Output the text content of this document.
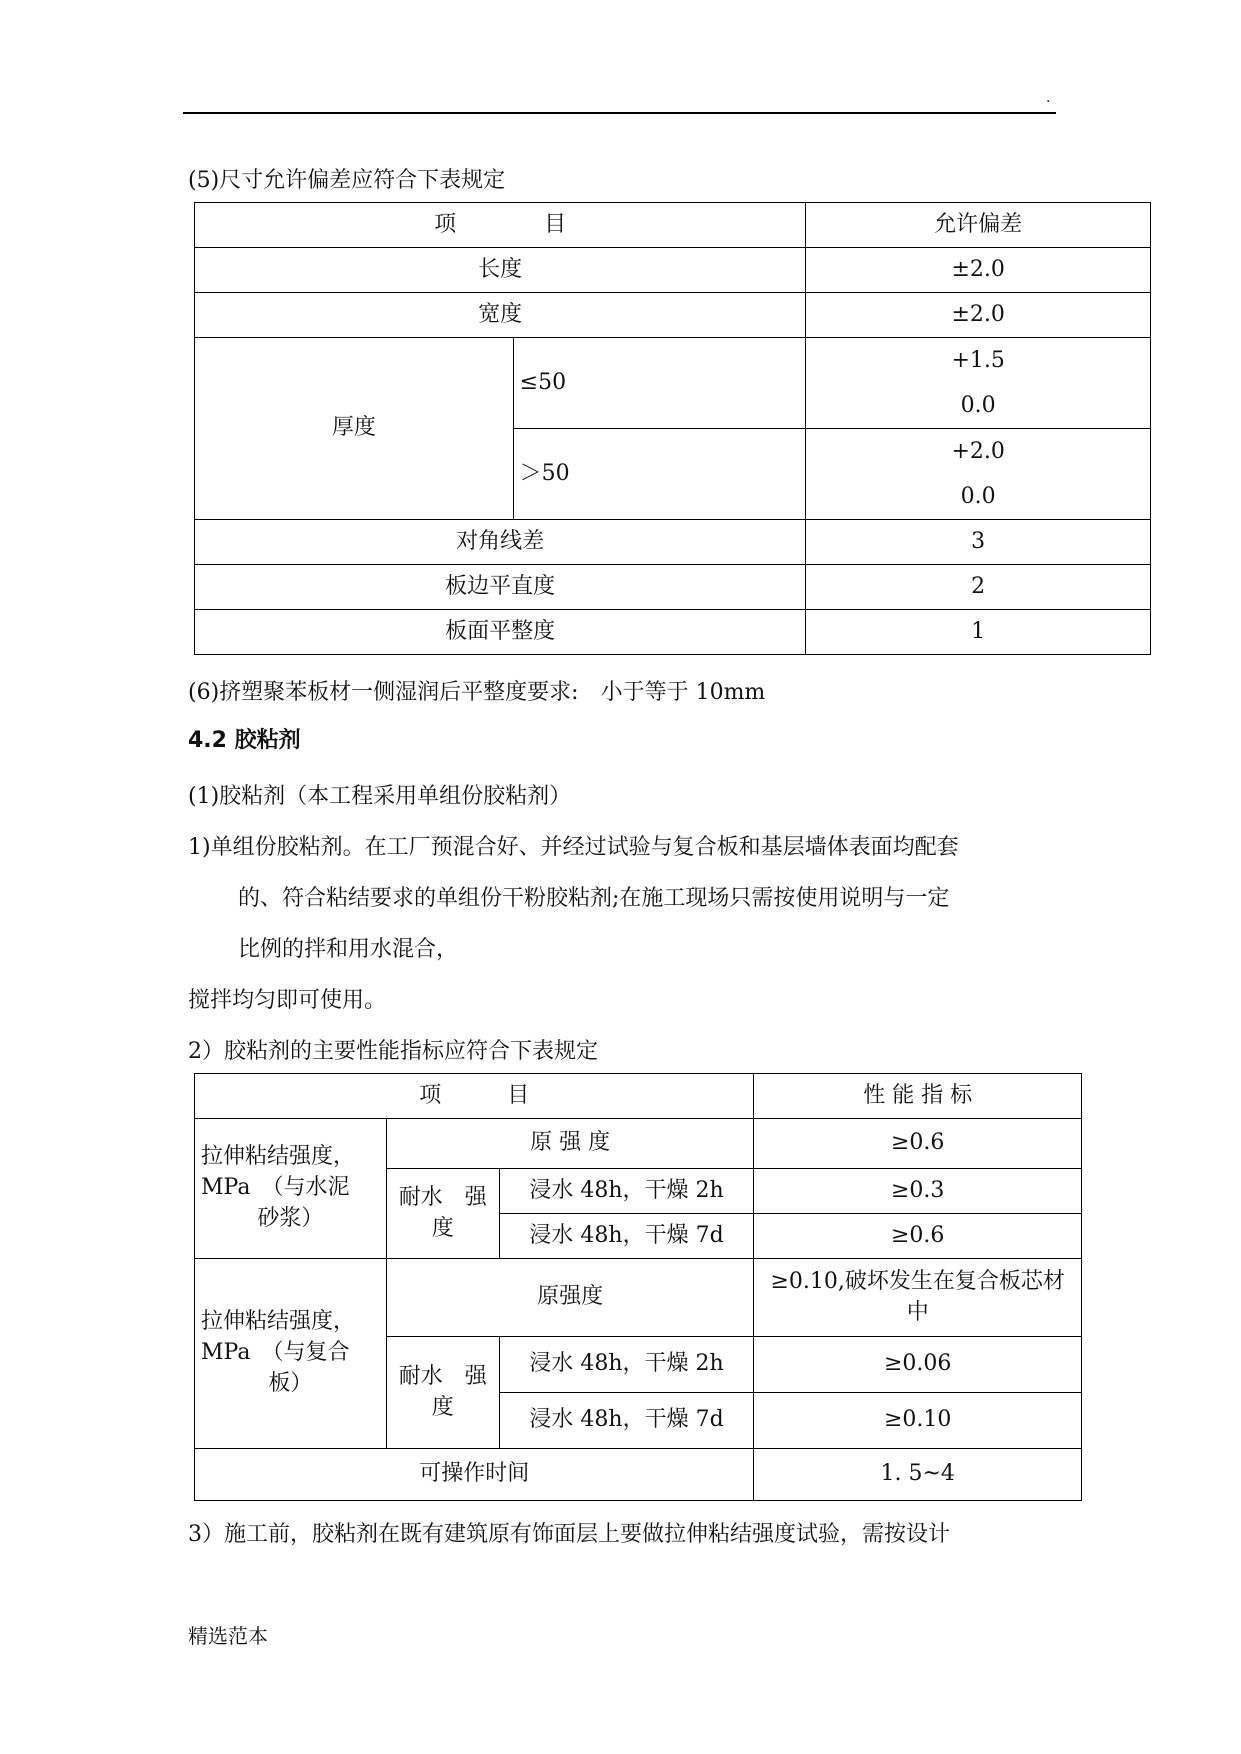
.
(5)尺寸允许偏差应符合下表规定
项　　　　目		允许偏差
长度		±2.0
宽度		±2.0
厚度	≤50	+1.5
0.0

	＞50	+2.0
0.0

对角线差		3
板边平直度		2
板面平整度		1
(6)挤塑聚苯板材一侧湿润后平整度要求:　小于等于 10mm
4.2 胶粘剂
(1)胶粘剂（本工程采用单组份胶粘剂）
1)单组份胶粘剂。在工厂预混合好、并经过试验与复合板和基层墙体表面均配套
的、符合粘结要求的单组份干粉胶粘剂;在施工现场只需按使用说明与一定
比例的拌和用水混合，
搅拌均匀即可使用。
2）胶粘剂的主要性能指标应符合下表规定
项　　　目			性 能 指 标

拉伸粘结强度，
MPa　（与水泥
砂浆）	原 强 度		≥0.6
	耐水　强度	浸水 48h，干燥 2h	≥0.3
		浸水 48h，干燥 7d	≥0.6

拉伸粘结强度，
MPa　（与复合
板）	原强度		≥0.10,破坏发生在复合板芯材中
	耐水　强度	浸水 48h，干燥 2h	≥0.06
		浸水 48h，干燥 7d	≥0.10
可操作时间			1. 5~4
3）施工前，胶粘剂在既有建筑原有饰面层上要做拉伸粘结强度试验，需按设计
精选范本
